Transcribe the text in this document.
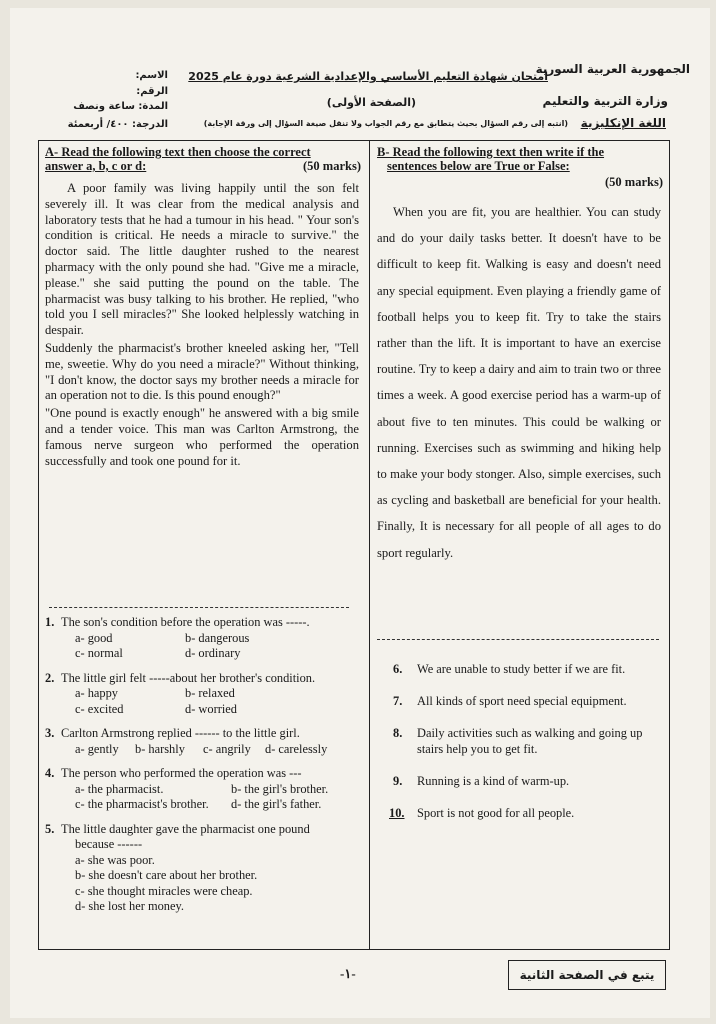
الجمهورية العربية السورية
وزارة التربية والتعليم
اللغة الإنكليزية
امتحان شهادة التعليم الأساسي والإعدادية الشرعية دورة عام 2025
(الصفحة الأولى)
(انتبه إلى رقم السؤال بحيث يتطابق مع رقم الجواب ولا تنقل صيغة السؤال إلى ورقة الإجابة)
الاسم:
الرقم:
المدة: ساعة ونصف
الدرجة: ٤٠٠/ أربعمئة
A- Read the following text then choose the correct
answer a, b, c or d:	(50 marks)

A poor family was living happily until the son felt severely ill. It was clear from the medical analysis and laboratory tests that he had a tumour in his head. " Your son's condition is critical. He needs a miracle to survive." the doctor said. The little daughter rushed to the nearest pharmacy with the only pound she had. "Give me a miracle, please." she said putting the pound on the table. The pharmacist was busy talking to his brother. He replied, "who told you I sell miracles?" She looked helplessly watching in despair.

Suddenly the pharmacist's brother kneeled asking her, "Tell me, sweetie. Why do you need a miracle?" Without thinking, "I don't know, the doctor says my brother needs a miracle for an operation not to die. Is this pound enough?"

"One pound is exactly enough" he answered with a big smile and a tender voice. This man was Carlton Armstrong, the famous nerve surgeon who performed the operation successfully and took one pound for it.

1. The son's condition before the operation was -----.
a- good	b- dangerous
c- normal	d- ordinary
2. The little girl felt -----about her brother's condition.
a- happy	b- relaxed
c- excited	d- worried
3. Carlton Armstrong replied ------ to the little girl.
a- gently	b- harshly	c- angrily	d- carelessly
4. The person who performed the operation was ---
a- the pharmacist.	b- the girl's brother.
c- the pharmacist's brother.	d- the girl's father.
5. The little daughter gave the pharmacist one pound
because ------
a- she was poor.
b- she doesn't care about her brother.
c- she thought miracles were cheap.
d- she lost her money.
B- Read the following text then write if the
sentences below are True or False:
(50 marks)

When you are fit, you are healthier. You can study and do your daily tasks better. It doesn't have to be difficult to keep fit. Walking is easy and doesn't need any special equipment. Even playing a friendly game of football helps you to keep fit. Try to take the stairs rather than the lift. It is important to have an exercise routine. Try to keep a dairy and aim to train two or three times a week. A good exercise period has a warm-up of about five to ten minutes. This could be walking or running. Exercises such as swimming and hiking help to make your body stonger. Also, simple exercises, such as cycling and basketball are beneficial for your health. Finally, It is necessary for all people of all ages to do sport regularly.

6. We are unable to study better if we are fit.
7. All kinds of sport need special equipment.
8. Daily activities such as walking and going up stairs help you to get fit.
9. Running is a kind of warm-up.
10. Sport is not good for all people.
-١-	يتبع في الصفحة الثانية
